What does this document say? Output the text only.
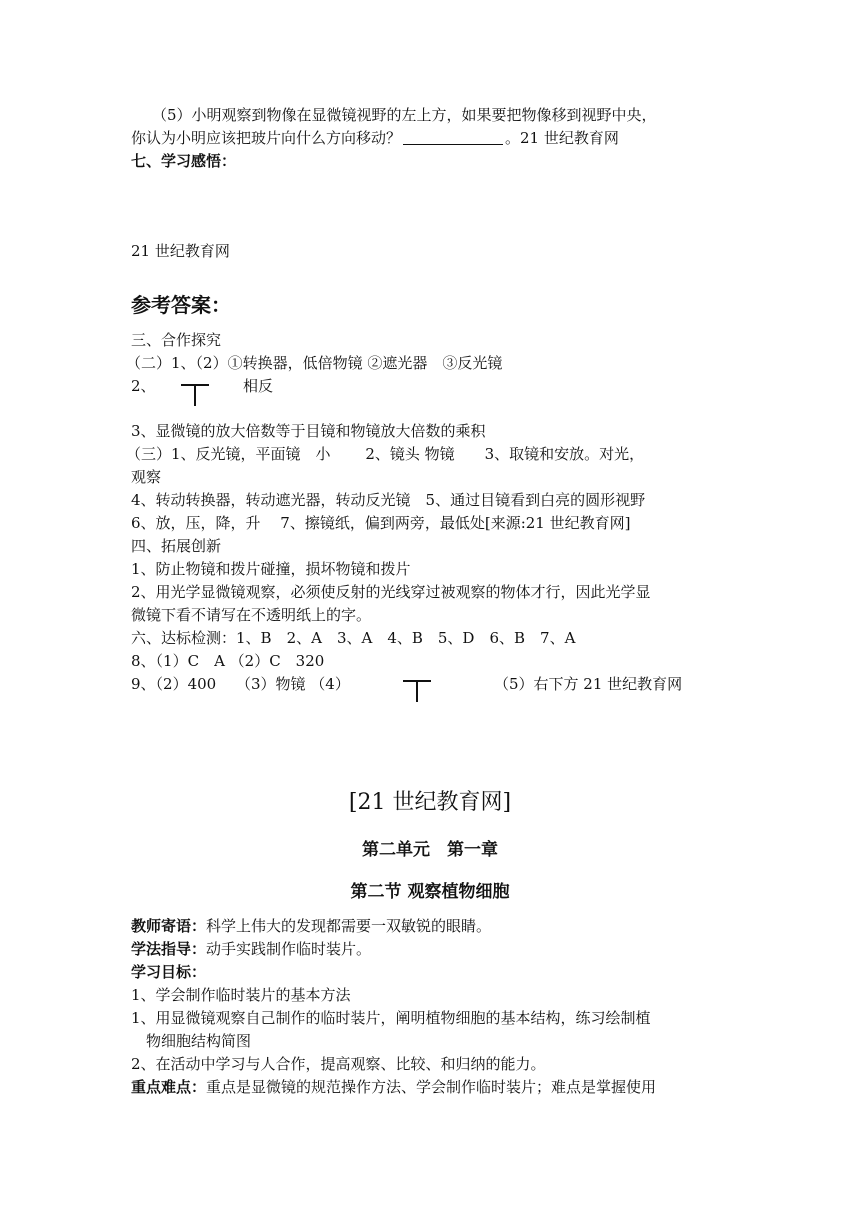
（5）小明观察到物像在显微镜视野的左上方，如果要把物像移到视野中央，
你认为小明应该把玻片向什么方向移动？	。21 世纪教育网
七、学习感悟：
21 世纪教育网
参考答案：
三、合作探究
（二）1、（2）①转换器，低倍物镜 ②遮光器　③反光镜
2、	相反
3、显微镜的放大倍数等于目镜和物镜放大倍数的乘积
（三）1、反光镜，平面镜　小　　 2、镜头 物镜　　3、取镜和安放。对光，
观察
4、转动转换器，转动遮光器，转动反光镜　5、通过目镜看到白亮的圆形视野
6、放，压，降，升　 7、擦镜纸，偏到两旁，最低处[来源:21 世纪教育网]
四、拓展创新
1、防止物镜和拨片碰撞，损坏物镜和拨片
2、用光学显微镜观察，必须使反射的光线穿过被观察的物体才行，因此光学显
微镜下看不请写在不透明纸上的字。
六、达标检测：1、B　2、A　3、A　4、B　5、D　6、B　7、A
8、（1）C　A （2）C　320
9、（2）400　 （3）物镜 （4）	（5）右下方 21 世纪教育网
[21 世纪教育网]
第二单元　第一章
第二节 观察植物细胞
教师寄语：科学上伟大的发现都需要一双敏锐的眼睛。
学法指导：动手实践制作临时装片。
学习目标：
1、学会制作临时装片的基本方法
1、用显微镜观察自己制作的临时装片，阐明植物细胞的基本结构，练习绘制植
物细胞结构简图
2、在活动中学习与人合作，提高观察、比较、和归纳的能力。
重点难点：重点是显微镜的规范操作方法、学会制作临时装片；难点是掌握使用
